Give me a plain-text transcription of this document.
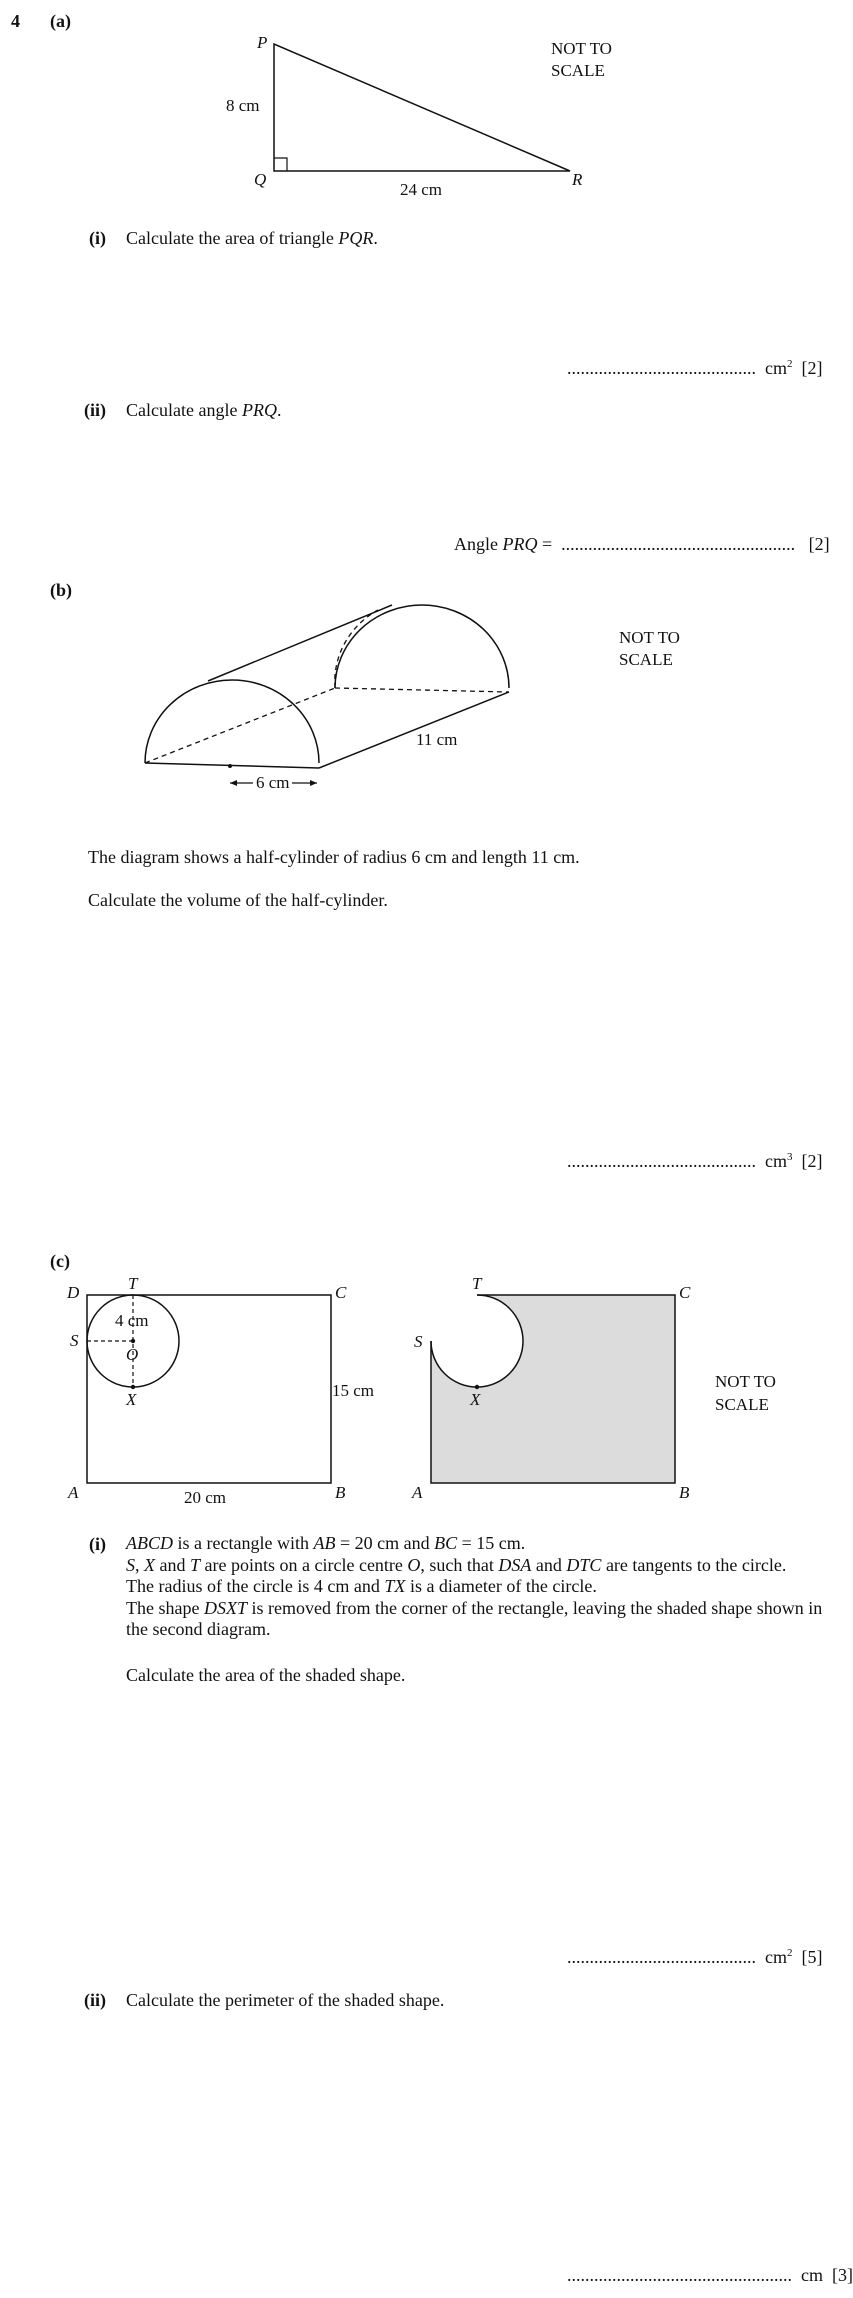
4 (a)
P
Q	R
8 cm
24 cm
NOT TO
SCALE
(i) Calculate the area of triangle PQR.
.......................................... $cm^2$ [2]
(ii) Calculate angle PRQ.
Angle PRQ =  .................................................... [2]
(b)
11 cm
6 cm
NOT TO
SCALE
The diagram shows a half-cylinder of radius 6 cm and length 11 cm.
Calculate the volume of the half-cylinder.
.......................................... $cm^3$ [2]
(c)
D	T	C
S
4 cm
O
X	15 cm
A	20 cm	B
T	C
S
X
A	B
NOT TO
SCALE
(i) ABCD is a rectangle with AB = 20 cm and BC = 15 cm.

S, X and T are points on a circle centre O, such that DSA and DTC are tangents to the circle.

The radius of the circle is 4 cm and TX is a diameter of the circle.

The shape DSXT is removed from the corner of the rectangle, leaving the shaded shape shown in the second diagram.

Calculate the area of the shaded shape.
.......................................... $cm^2$ [5]
(ii) Calculate the perimeter of the shaded shape.
.................................................. cm [3]
